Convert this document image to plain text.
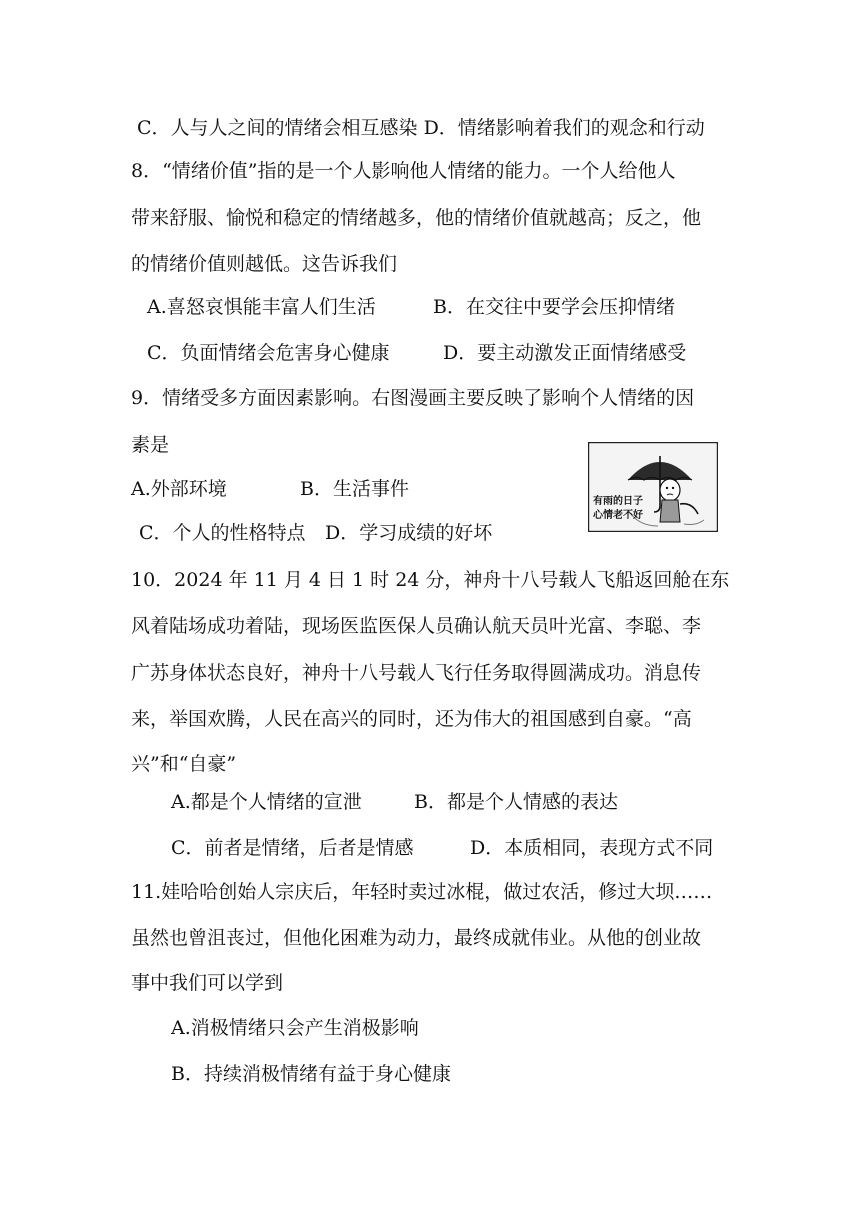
C．人与人之间的情绪会相互感染 D．情绪影响着我们的观念和行动
8．“情绪价值”指的是一个人影响他人情绪的能力。一个人给他人
带来舒服、愉悦和稳定的情绪越多，他的情绪价值就越高；反之，他
的情绪价值则越低。这告诉我们
A.喜怒哀惧能丰富人们生活	B．在交往中要学会压抑情绪
C．负面情绪会危害身心健康	D．要主动激发正面情绪感受
9．情绪受多方面因素影响。右图漫画主要反映了影响个人情绪的因
素是
A.外部环境	B．生活事件
C．个人的性格特点 D．学习成绩的好坏
有雨的日子
心情老不好
10．2024 年 11 月 4 日 1 时 24 分，神舟十八号载人飞船返回舱在东
风着陆场成功着陆，现场医监医保人员确认航天员叶光富、李聪、李
广苏身体状态良好，神舟十八号载人飞行任务取得圆满成功。消息传
来，举国欢腾，人民在高兴的同时，还为伟大的祖国感到自豪。“高
兴”和“自豪”
A.都是个人情绪的宣泄	B．都是个人情感的表达
C．前者是情绪，后者是情感	D．本质相同，表现方式不同
11.娃哈哈创始人宗庆后，年轻时卖过冰棍，做过农活，修过大坝……
虽然也曾沮丧过，但他化困难为动力，最终成就伟业。从他的创业故
事中我们可以学到
A.消极情绪只会产生消极影响
B．持续消极情绪有益于身心健康
